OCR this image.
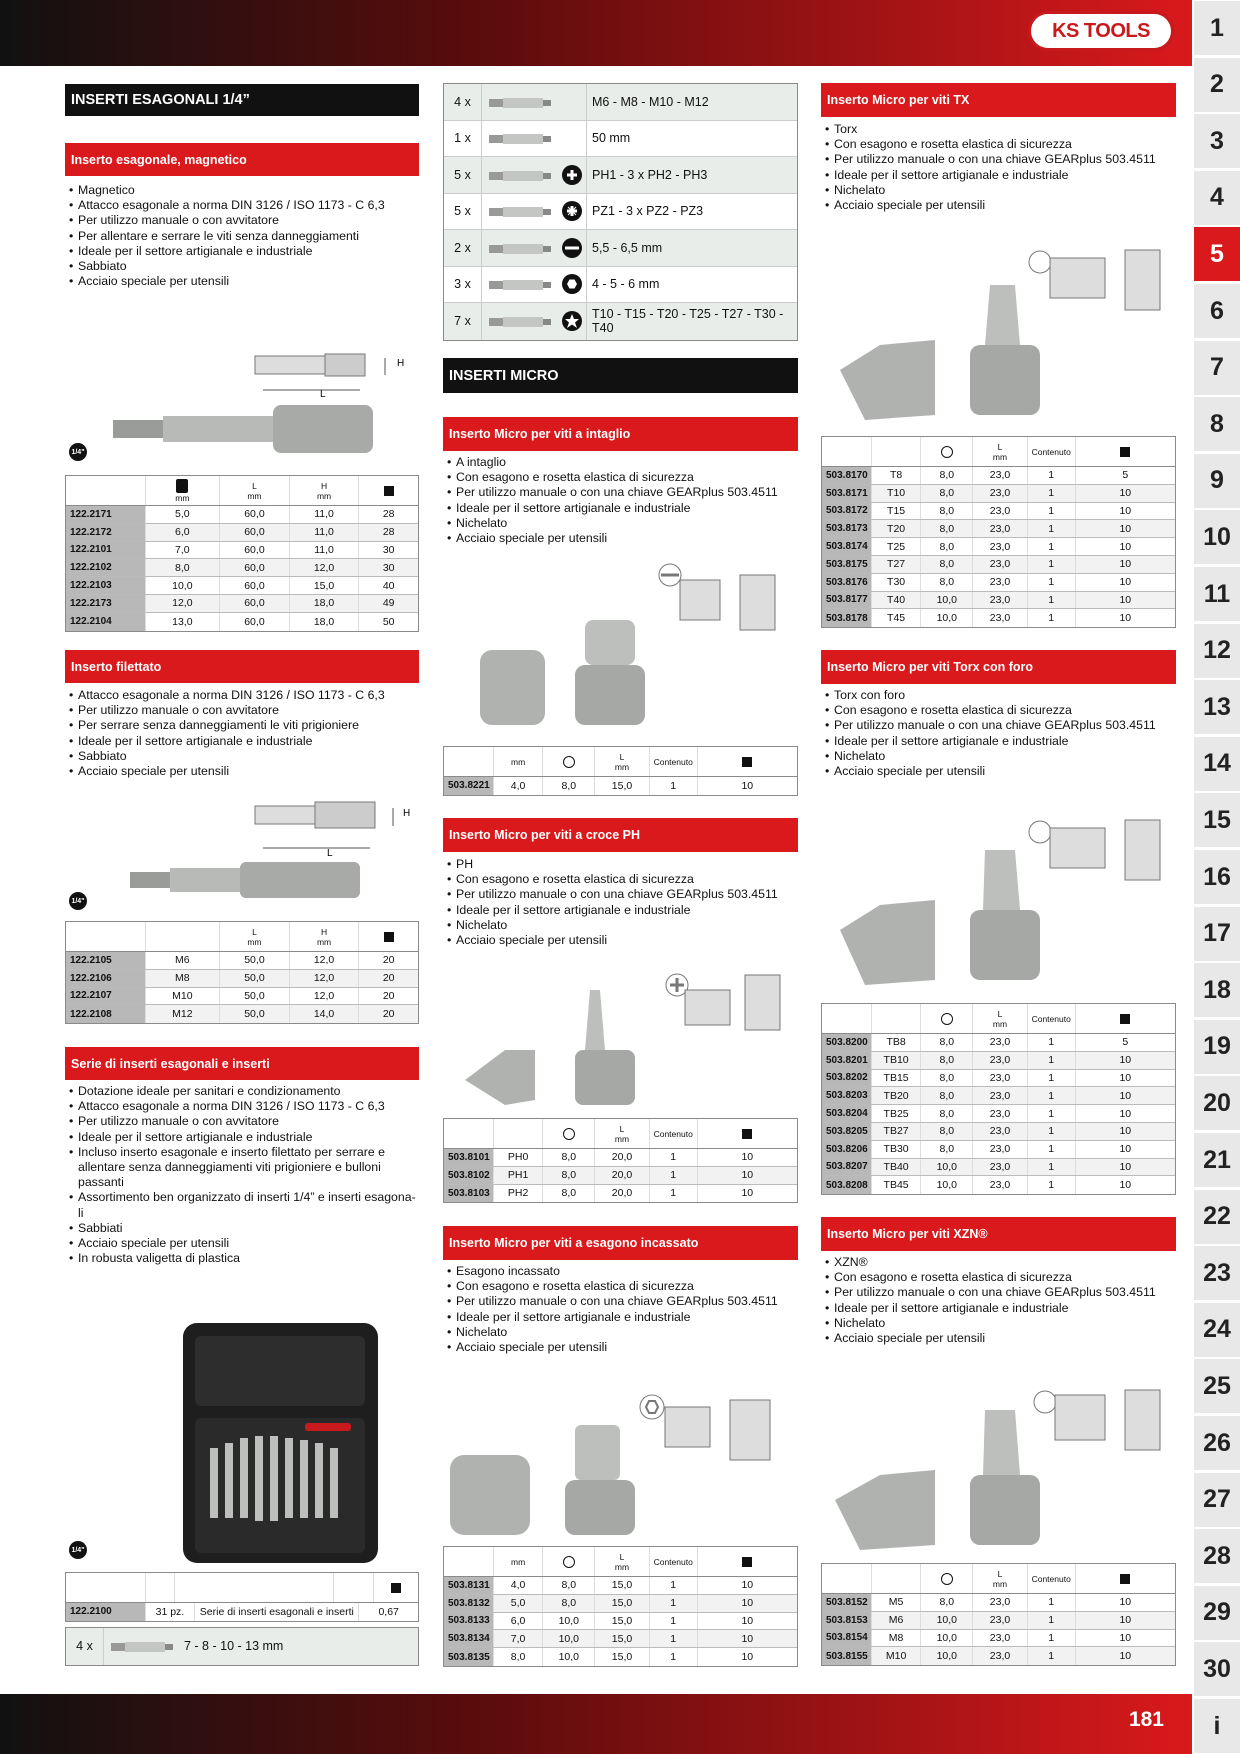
KS TOOLS
181
1
2
3
4
5
6
7
8
9
10
11
12
13
14
15
16
17
18
19
20
21
22
23
24
25
26
27
28
29
30
i
INSERTI ESAGONALI 1/4”
Inserto esagonale, magnetico
• Magnetico
• Attacco esagonale a norma DIN 3126 / ISO 1173 - C 6,3
• Per utilizzo manuale o con avvitatore
• Per allentare e serrare le viti senza danneggiamenti
• Ideale per il settore artigianale e industriale
• Sabbiato
• Acciaio speciale per utensili
L
H
1/4"
mm
L
mm
H
mm
122.2171	5,0	60,0	11,0	28
122.2172	6,0	60,0	11,0	28
122.2101	7,0	60,0	11,0	30
122.2102	8,0	60,0	12,0	30
122.2103	10,0	60,0	15,0	40
122.2173	12,0	60,0	18,0	49
122.2104	13,0	60,0	18,0	50
Inserto filettato
• Attacco esagonale a norma DIN 3126 / ISO 1173 - C 6,3
• Per utilizzo manuale o con avvitatore
• Per serrare senza danneggiamenti le viti prigioniere
• Ideale per il settore artigianale e industriale
• Sabbiato
• Acciaio speciale per utensili
L
H
1/4"
L
mm
H
mm
122.2105	M6	50,0	12,0	20
122.2106	M8	50,0	12,0	20
122.2107	M10	50,0	12,0	20
122.2108	M12	50,0	14,0	20
Serie di inserti esagonali e inserti
• Dotazione ideale per sanitari e condizionamento
• Attacco esagonale a norma DIN 3126 / ISO 1173 - C 6,3
• Per utilizzo manuale o con avvitatore
• Ideale per il settore artigianale e industriale
• Incluso inserto esagonale e inserto filettato per serrare e allentare senza danneggiamenti viti prigioniere e bulloni passanti
• Assortimento ben organizzato di inserti 1/4” e inserti esagona-li
• Sabbiati
• Acciaio speciale per utensili
• In robusta valigetta di plastica
1/4"
122.2100	31 pz.	Serie di inserti esagonali e inserti	0,67
4 x	7 - 8 - 10 - 13 mm
4 x	M6 - M8 - M10 - M12
1 x	50 mm
5 x	PH1 - 3 x PH2 - PH3
5 x	PZ1 - 3 x PZ2 - PZ3
2 x	5,5 - 6,5 mm
3 x	4 - 5 - 6 mm
7 x	T10 - T15 - T20 - T25 - T27 - T30 - T40
INSERTI MICRO
Inserto Micro per viti a intaglio
• A intaglio
• Con esagono e rosetta elastica di sicurezza
• Per utilizzo manuale o con una chiave GEARplus 503.4511
• Ideale per il settore artigianale e industriale
• Nichelato
• Acciaio speciale per utensili
mm	L
mm	Contenuto
503.8221	4,0	8,0	15,0	1	10
Inserto Micro per viti a croce PH
• PH
• Con esagono e rosetta elastica di sicurezza
• Per utilizzo manuale o con una chiave GEARplus 503.4511
• Ideale per il settore artigianale e industriale
• Nichelato
• Acciaio speciale per utensili
L
mm	Contenuto
503.8101	PH0	8,0	20,0	1	10
503.8102	PH1	8,0	20,0	1	10
503.8103	PH2	8,0	20,0	1	10
Inserto Micro per viti a esagono incassato
• Esagono incassato
• Con esagono e rosetta elastica di sicurezza
• Per utilizzo manuale o con una chiave GEARplus 503.4511
• Ideale per il settore artigianale e industriale
• Nichelato
• Acciaio speciale per utensili
mm	L
mm	Contenuto
503.8131	4,0	8,0	15,0	1	10
503.8132	5,0	8,0	15,0	1	10
503.8133	6,0	10,0	15,0	1	10
503.8134	7,0	10,0	15,0	1	10
503.8135	8,0	10,0	15,0	1	10
Inserto Micro per viti TX
• Torx
• Con esagono e rosetta elastica di sicurezza
• Per utilizzo manuale o con una chiave GEARplus 503.4511
• Ideale per il settore artigianale e industriale
• Nichelato
• Acciaio speciale per utensili
L
mm	Contenuto
503.8170	T8	8,0	23,0	1	5
503.8171	T10	8,0	23,0	1	10
503.8172	T15	8,0	23,0	1	10
503.8173	T20	8,0	23,0	1	10
503.8174	T25	8,0	23,0	1	10
503.8175	T27	8,0	23,0	1	10
503.8176	T30	8,0	23,0	1	10
503.8177	T40	10,0	23,0	1	10
503.8178	T45	10,0	23,0	1	10
Inserto Micro per viti Torx con foro
• Torx con foro
• Con esagono e rosetta elastica di sicurezza
• Per utilizzo manuale o con una chiave GEARplus 503.4511
• Ideale per il settore artigianale e industriale
• Nichelato
• Acciaio speciale per utensili
L
mm	Contenuto
503.8200	TB8	8,0	23,0	1	5
503.8201	TB10	8,0	23,0	1	10
503.8202	TB15	8,0	23,0	1	10
503.8203	TB20	8,0	23,0	1	10
503.8204	TB25	8,0	23,0	1	10
503.8205	TB27	8,0	23,0	1	10
503.8206	TB30	8,0	23,0	1	10
503.8207	TB40	10,0	23,0	1	10
503.8208	TB45	10,0	23,0	1	10
Inserto Micro per viti XZN®
• XZN®
• Con esagono e rosetta elastica di sicurezza
• Per utilizzo manuale o con una chiave GEARplus 503.4511
• Ideale per il settore artigianale e industriale
• Nichelato
• Acciaio speciale per utensili
L
mm	Contenuto
503.8152	M5	8,0	23,0	1	10
503.8153	M6	10,0	23,0	1	10
503.8154	M8	10,0	23,0	1	10
503.8155	M10	10,0	23,0	1	10
